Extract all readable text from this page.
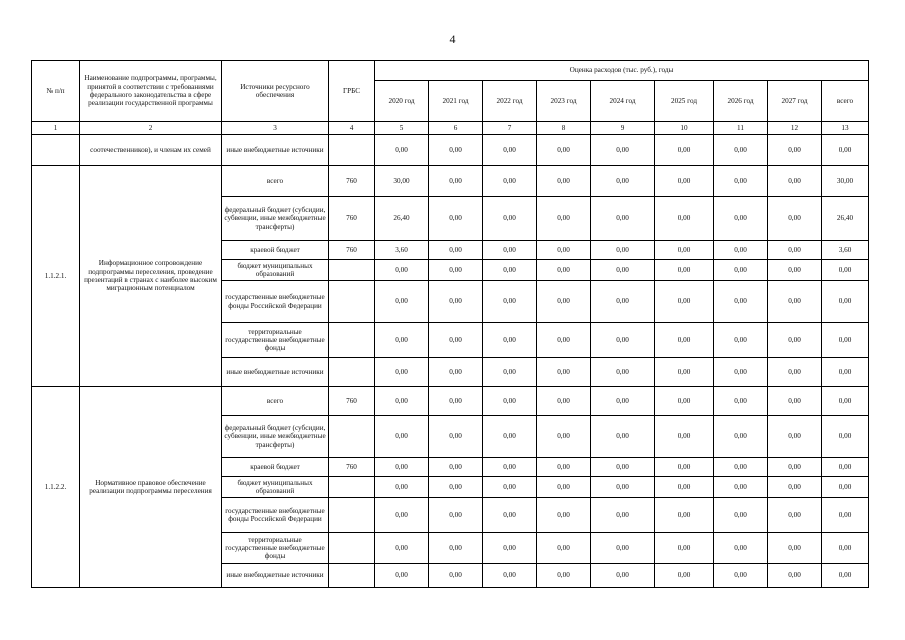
4
№ п/п	Наименование подпрограммы, программы, принятой в соответствии с требованиями федерального законодательства в сфере реализации государственной программы	Источники ресурсного обеспечения	ГРБС	Оценка расходов (тыс. руб.), годы								
				2020 год	2021 год	2022 год	2023 год	2024 год	2025 год	2026 год	2027 год	всего
1	2	3	4	5	6	7	8	9	10	11	12	13
	соотечественников), и членам их семей	иные внебюджетные источники		0,00	0,00	0,00	0,00	0,00	0,00	0,00	0,00	0,00
1.1.2.1.	Информационное сопровождение подпрограммы переселения, проведение презентаций в странах с наиболее высоким миграционным потенциалом	всего	760	30,00	0,00	0,00	0,00	0,00	0,00	0,00	0,00	30,00
		федеральный бюджет (субсидии, субвенции, иные межбюджетные трансферты)	760	26,40	0,00	0,00	0,00	0,00	0,00	0,00	0,00	26,40
		краевой бюджет	760	3,60	0,00	0,00	0,00	0,00	0,00	0,00	0,00	3,60
		бюджет муниципальных образований		0,00	0,00	0,00	0,00	0,00	0,00	0,00	0,00	0,00
		государственные внебюджетные фонды Российской Федерации		0,00	0,00	0,00	0,00	0,00	0,00	0,00	0,00	0,00
		территориальные государственные внебюджетные фонды		0,00	0,00	0,00	0,00	0,00	0,00	0,00	0,00	0,00
		иные внебюджетные источники		0,00	0,00	0,00	0,00	0,00	0,00	0,00	0,00	0,00
1.1.2.2.	Нормативное правовое обеспечение реализации подпрограммы переселения	всего	760	0,00	0,00	0,00	0,00	0,00	0,00	0,00	0,00	0,00
		федеральный бюджет (субсидии, субвенции, иные межбюджетные трансферты)		0,00	0,00	0,00	0,00	0,00	0,00	0,00	0,00	0,00
		краевой бюджет	760	0,00	0,00	0,00	0,00	0,00	0,00	0,00	0,00	0,00
		бюджет муниципальных образований		0,00	0,00	0,00	0,00	0,00	0,00	0,00	0,00	0,00
		государственные внебюджетные фонды Российской Федерации		0,00	0,00	0,00	0,00	0,00	0,00	0,00	0,00	0,00
		территориальные государственные внебюджетные фонды		0,00	0,00	0,00	0,00	0,00	0,00	0,00	0,00	0,00
		иные внебюджетные источники		0,00	0,00	0,00	0,00	0,00	0,00	0,00	0,00	0,00
